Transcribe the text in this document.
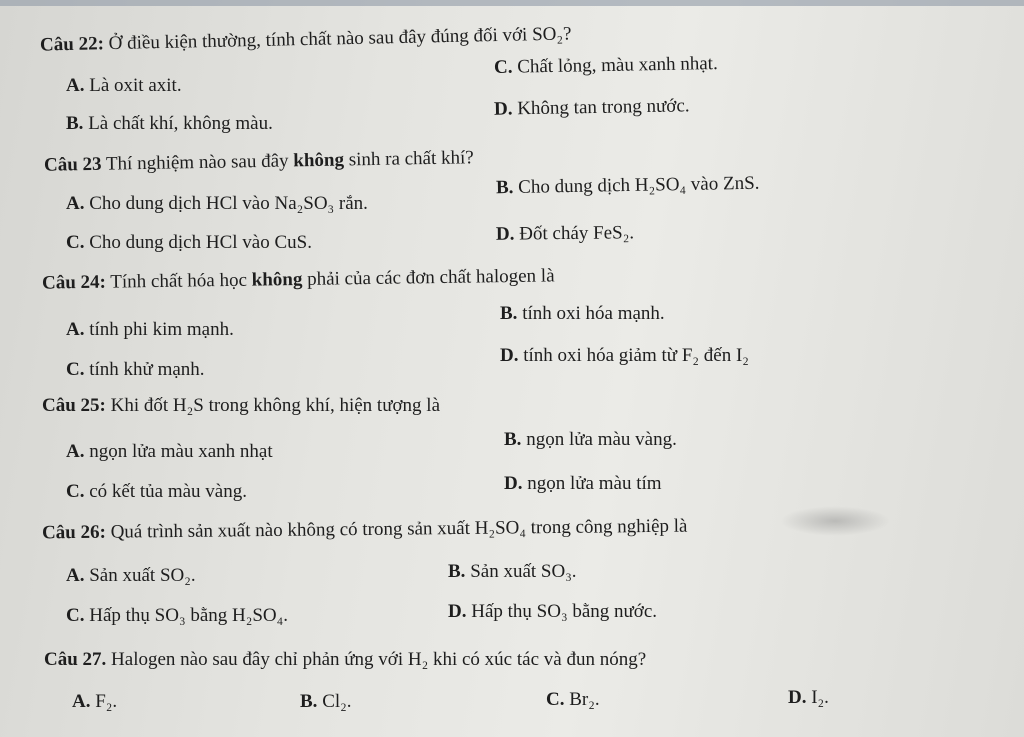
Câu 22: Ở điều kiện thường, tính chất nào sau đây đúng đối với SO₂?
A. Là oxit axit.
C. Chất lỏng, màu xanh nhạt.
B. Là chất khí, không màu.
D. Không tan trong nước.
Câu 23 Thí nghiệm nào sau đây không sinh ra chất khí?
A. Cho dung dịch HCl vào Na₂SO₃ rắn.
B. Cho dung dịch H₂SO₄ vào ZnS.
C. Cho dung dịch HCl vào CuS.	D. Đốt cháy FeS₂.
Câu 24: Tính chất hóa học không phải của các đơn chất halogen là
A. tính phi kim mạnh.
B. tính oxi hóa mạnh.
C. tính khử mạnh.
D. tính oxi hóa giảm từ F₂ đến I₂
Câu 25: Khi đốt H₂S trong không khí, hiện tượng là
A. ngọn lửa màu xanh nhạt
B. ngọn lửa màu vàng.
C. có kết tủa màu vàng.	D. ngọn lửa màu tím
Câu 26: Quá trình sản xuất nào không có trong sản xuất H₂SO₄ trong công nghiệp là
A. Sản xuất SO₂.	B. Sản xuất SO₃.
C. Hấp thụ SO₃ bằng H₂SO₄.	D. Hấp thụ SO₃ bằng nước.
Câu 27. Halogen nào sau đây chỉ phản ứng với H₂ khi có xúc tác và đun nóng?
A. F₂.	B. Cl₂.	C. Br₂.	D. I₂.
